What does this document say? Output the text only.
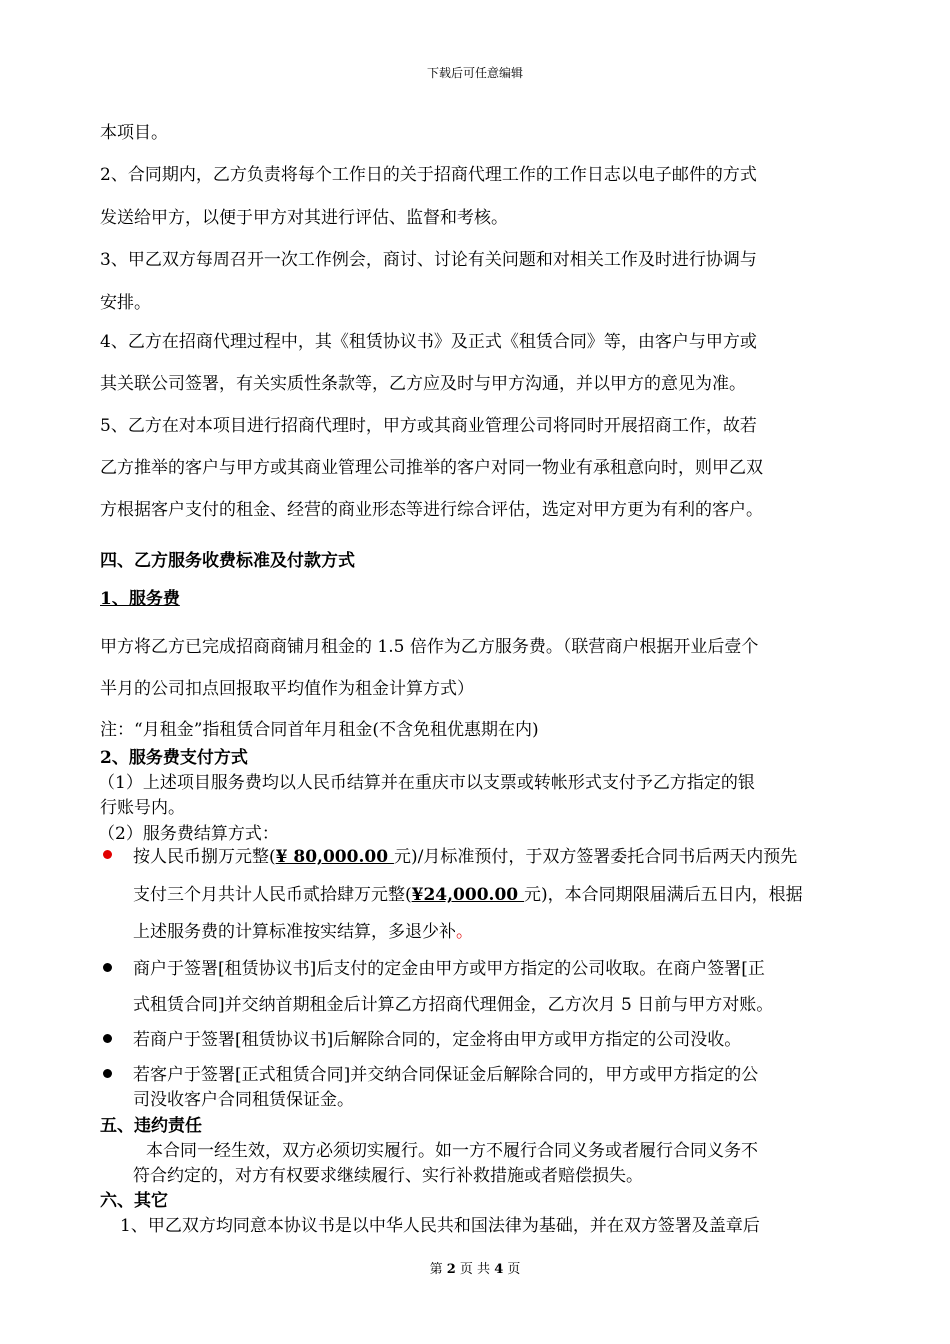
下载后可任意编辑
本项目。
2、合同期内，乙方负责将每个工作日的关于招商代理工作的工作日志以电子邮件的方式
发送给甲方，以便于甲方对其进行评估、监督和考核。
3、甲乙双方每周召开一次工作例会，商讨、讨论有关问题和对相关工作及时进行协调与
安排。
4、乙方在招商代理过程中，其《租赁协议书》及正式《租赁合同》等，由客户与甲方或
其关联公司签署，有关实质性条款等，乙方应及时与甲方沟通，并以甲方的意见为准。
5、乙方在对本项目进行招商代理时，甲方或其商业管理公司将同时开展招商工作，故若
乙方推举的客户与甲方或其商业管理公司推举的客户对同一物业有承租意向时，则甲乙双
方根据客户支付的租金、经营的商业形态等进行综合评估，选定对甲方更为有利的客户。
四、乙方服务收费标准及付款方式
1、服务费
甲方将乙方已完成招商商铺月租金的 1.5 倍作为乙方服务费。（联营商户根据开业后壹个
半月的公司扣点回报取平均值作为租金计算方式）
注：“月租金”指租赁合同首年月租金(不含免租优惠期在内)
2、服务费支付方式
（1）上述项目服务费均以人民币结算并在重庆市以支票或转帐形式支付予乙方指定的银
行账号内。
（2）服务费结算方式：
按人民币捌万元整(¥ 80,000.00 元)/月标准预付，于双方签署委托合同书后两天内预先
支付三个月共计人民币贰拾肆万元整(¥24,000.00 元)，本合同期限届满后五日内，根据
上述服务费的计算标准按实结算，多退少补。
商户于签署[租赁协议书]后支付的定金由甲方或甲方指定的公司收取。在商户签署[正
式租赁合同]并交纳首期租金后计算乙方招商代理佣金，乙方次月 5 日前与甲方对账。
若商户于签署[租赁协议书]后解除合同的，定金将由甲方或甲方指定的公司没收。
若客户于签署[正式租赁合同]并交纳合同保证金后解除合同的，甲方或甲方指定的公
司没收客户合同租赁保证金。
五、违约责任
本合同一经生效，双方必须切实履行。如一方不履行合同义务或者履行合同义务不
符合约定的，对方有权要求继续履行、实行补救措施或者赔偿损失。
六、其它
1、甲乙双方均同意本协议书是以中华人民共和国法律为基础，并在双方签署及盖章后
第 2 页 共 4 页
